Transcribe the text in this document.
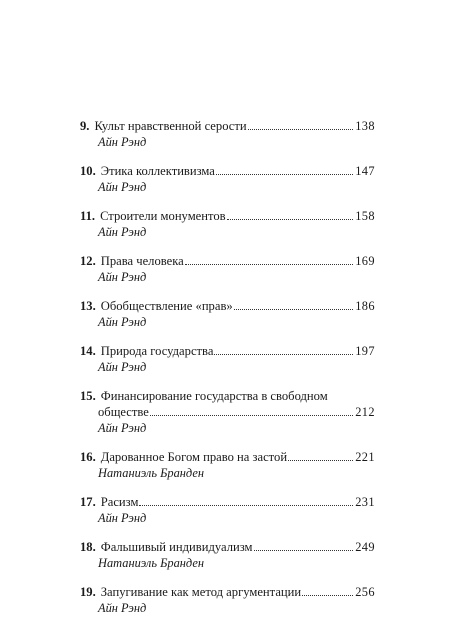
9. Культ нравственной серости	138
Айн Рэнд
10. Этика коллективизма	147
Айн Рэнд
11. Строители монументов	158
Айн Рэнд
12. Права человека	169
Айн Рэнд
13. Обобществление «прав»	186
Айн Рэнд
14. Природа государства	197
Айн Рэнд
15. Финансирование государства в свободном
обществе	212
Айн Рэнд
16. Дарованное Богом право на застой	221
Натаниэль Бранден
17. Расизм	231
Айн Рэнд
18. Фальшивый индивидуализм	249
Натаниэль Бранден
19. Запугивание как метод аргументации	256
Айн Рэнд
